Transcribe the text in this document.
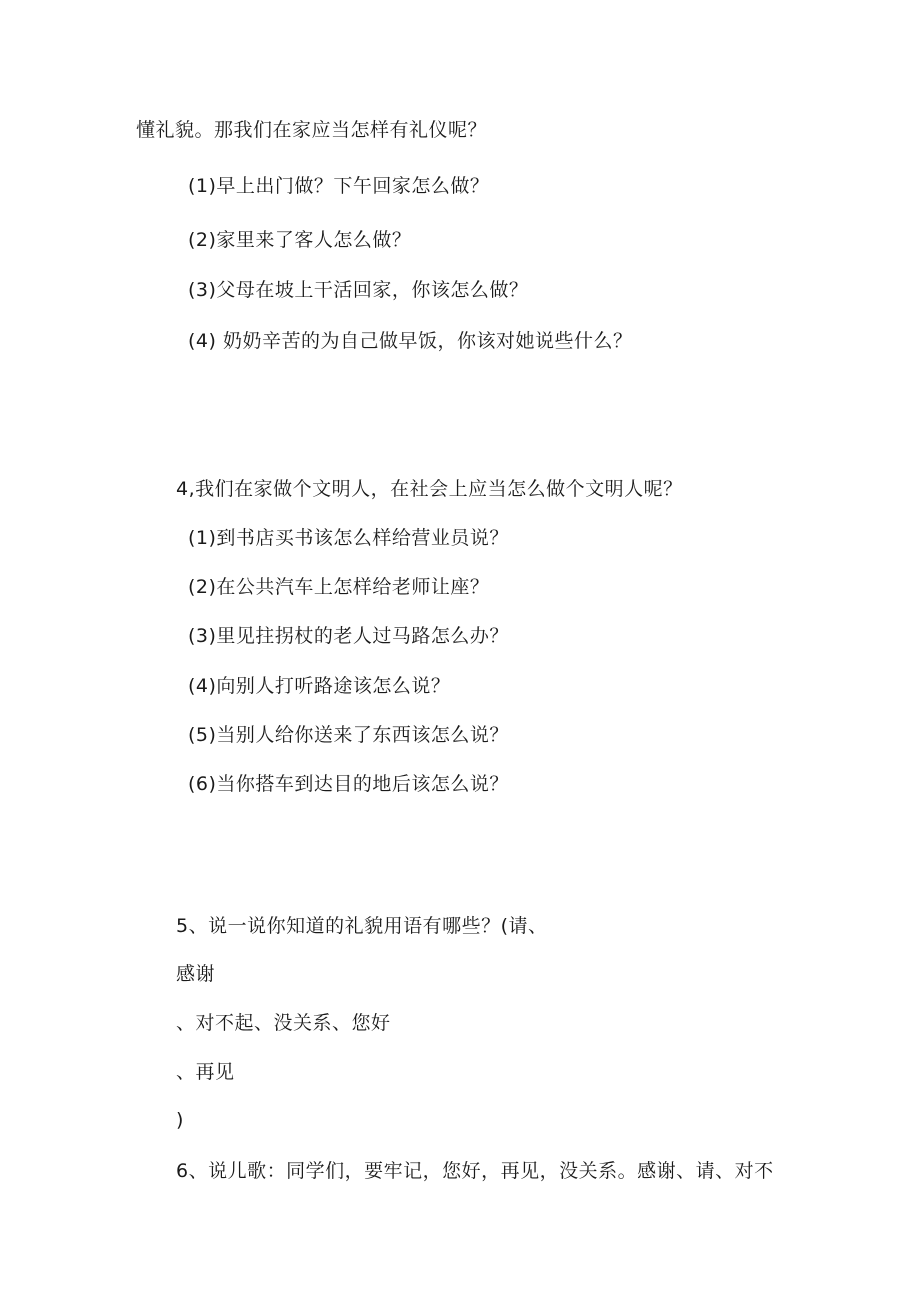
懂礼貌。那我们在家应当怎样有礼仪呢？
(1)早上出门做？下午回家怎么做？
(2)家里来了客人怎么做？
(3)父母在坡上干活回家，你该怎么做？
(4) 奶奶辛苦的为自己做早饭，你该对她说些什么？
4,我们在家做个文明人，在社会上应当怎么做个文明人呢？
(1)到书店买书该怎么样给营业员说？
(2)在公共汽车上怎样给老师让座？
(3)里见拄拐杖的老人过马路怎么办？
(4)向别人打听路途该怎么说？
(5)当别人给你送来了东西该怎么说？
(6)当你搭车到达目的地后该怎么说？
5、说一说你知道的礼貌用语有哪些？(请、
感谢
、对不起、没关系、您好
、再见
)
6、说儿歌：同学们，要牢记，您好，再见，没关系。感谢、请、对不
